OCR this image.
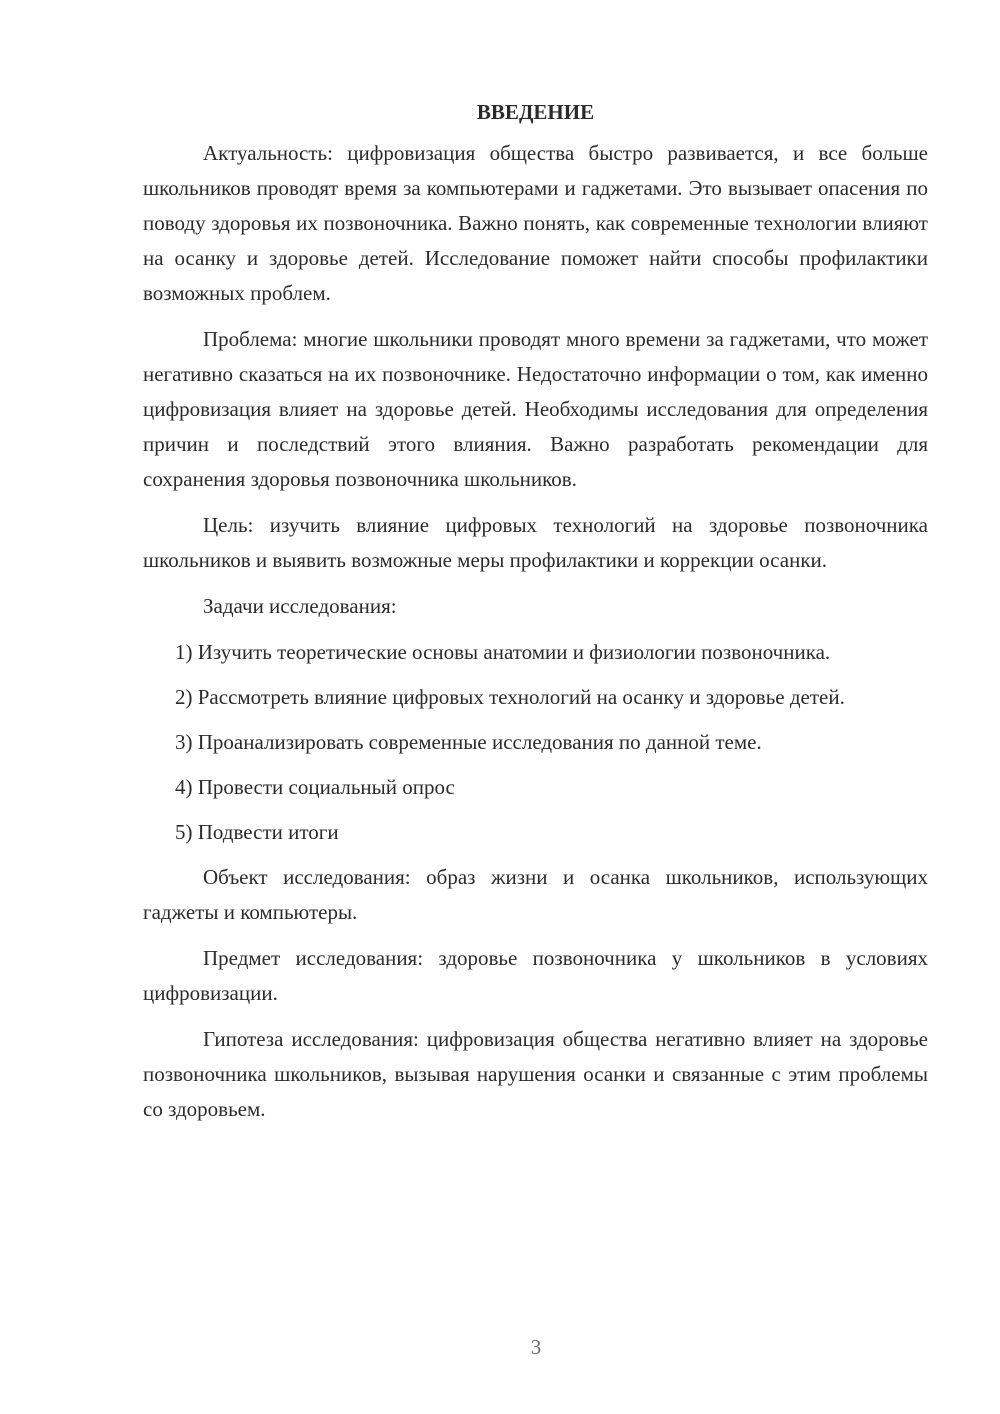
ВВЕДЕНИЕ

Актуальность: цифровизация общества быстро развивается, и все больше школьников проводят время за компьютерами и гаджетами. Это вызывает опасения по поводу здоровья их позвоночника. Важно понять, как современные технологии влияют на осанку и здоровье детей. Исследование поможет найти способы профилактики возможных проблем.

Проблема: многие школьники проводят много времени за гаджетами, что может негативно сказаться на их позвоночнике. Недостаточно информации о том, как именно цифровизация влияет на здоровье детей. Необходимы исследования для определения причин и последствий этого влияния. Важно разработать рекомендации для сохранения здоровья позвоночника школьников.

Цель: изучить влияние цифровых технологий на здоровье позвоночника школьников и выявить возможные меры профилактики и коррекции осанки.

Задачи исследования:

1) Изучить теоретические основы анатомии и физиологии позвоночника.

2) Рассмотреть влияние цифровых технологий на осанку и здоровье детей.

3) Проанализировать современные исследования по данной теме.

4) Провести социальный опрос

5) Подвести итоги

Объект исследования: образ жизни и осанка школьников, использующих гаджеты и компьютеры.

Предмет исследования: здоровье позвоночника у школьников в условиях цифровизации.

Гипотеза исследования: цифровизация общества негативно влияет на здоровье позвоночника школьников, вызывая нарушения осанки и связанные с этим проблемы со здоровьем.

3
